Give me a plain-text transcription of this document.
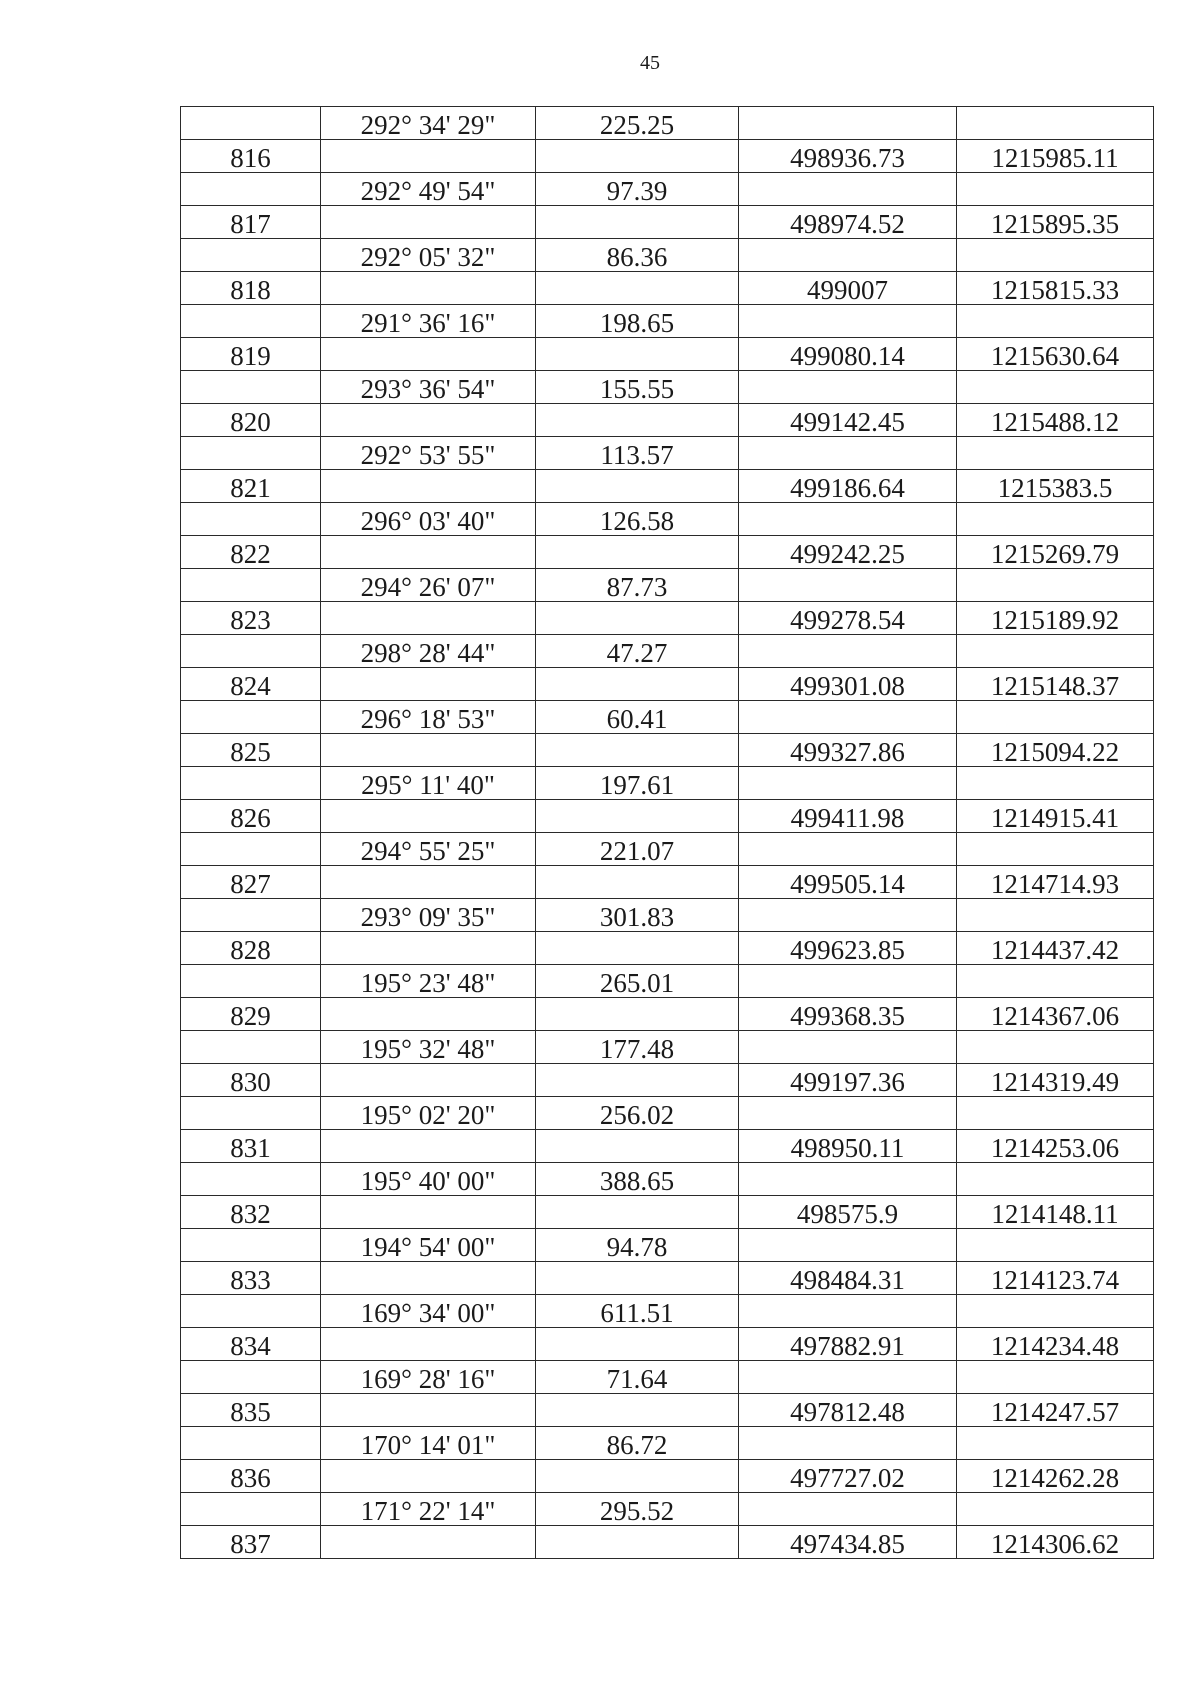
45
	292° 34' 29"	225.25		
816			498936.73	1215985.11
	292° 49' 54"	97.39		
817			498974.52	1215895.35
	292° 05' 32"	86.36		
818			499007	1215815.33
	291° 36' 16"	198.65		
819			499080.14	1215630.64
	293° 36' 54"	155.55		
820			499142.45	1215488.12
	292° 53' 55"	113.57		
821			499186.64	1215383.5
	296° 03' 40"	126.58		
822			499242.25	1215269.79
	294° 26' 07"	87.73		
823			499278.54	1215189.92
	298° 28' 44"	47.27		
824			499301.08	1215148.37
	296° 18' 53"	60.41		
825			499327.86	1215094.22
	295° 11' 40"	197.61		
826			499411.98	1214915.41
	294° 55' 25"	221.07		
827			499505.14	1214714.93
	293° 09' 35"	301.83		
828			499623.85	1214437.42
	195° 23' 48"	265.01		
829			499368.35	1214367.06
	195° 32' 48"	177.48		
830			499197.36	1214319.49
	195° 02' 20"	256.02		
831			498950.11	1214253.06
	195° 40' 00"	388.65		
832			498575.9	1214148.11
	194° 54' 00"	94.78		
833			498484.31	1214123.74
	169° 34' 00"	611.51		
834			497882.91	1214234.48
	169° 28' 16"	71.64		
835			497812.48	1214247.57
	170° 14' 01"	86.72		
836			497727.02	1214262.28
	171° 22' 14"	295.52		
837			497434.85	1214306.62
